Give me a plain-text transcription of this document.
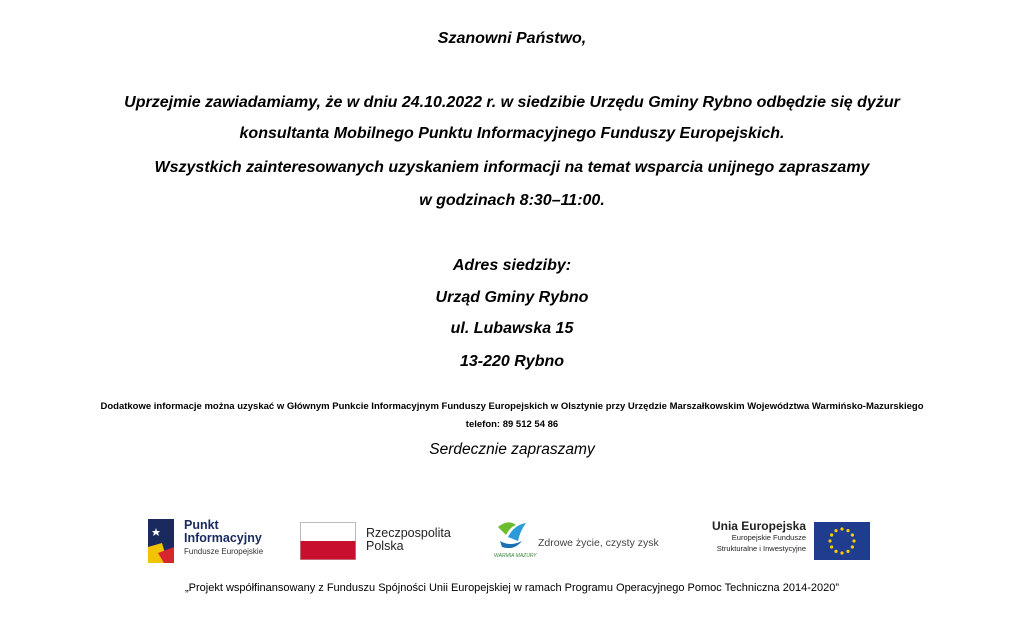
Szanowni Państwo,
Uprzejmie zawiadamiamy, że w dniu 24.10.2022 r. w siedzibie Urzędu Gminy Rybno odbędzie się dyżur
konsultanta Mobilnego Punktu Informacyjnego Funduszy Europejskich.
Wszystkich zainteresowanych uzyskaniem informacji na temat wsparcia unijnego zapraszamy
w godzinach 8:30–11:00.
Adres siedziby:
Urząd Gminy Rybno
ul. Lubawska 15
13-220 Rybno
Dodatkowe informacje można uzyskać w Głównym Punkcie Informacyjnym Funduszy Europejskich w Olsztynie przy Urzędzie Marszałkowskim Województwa Warmińsko-Mazurskiego
telefon: 89 512 54 86
Serdecznie zapraszamy
Punkt
Informacyjny
Fundusze Europejskie
Rzeczpospolita
Polska
WARMIA MAZURY
Zdrowe życie, czysty zysk
Unia Europejska
Europejskie Fundusze
Strukturalne i Inwestycyjne
„Projekt współfinansowany z Funduszu Spójności Unii Europejskiej w ramach Programu Operacyjnego Pomoc Techniczna 2014-2020”
